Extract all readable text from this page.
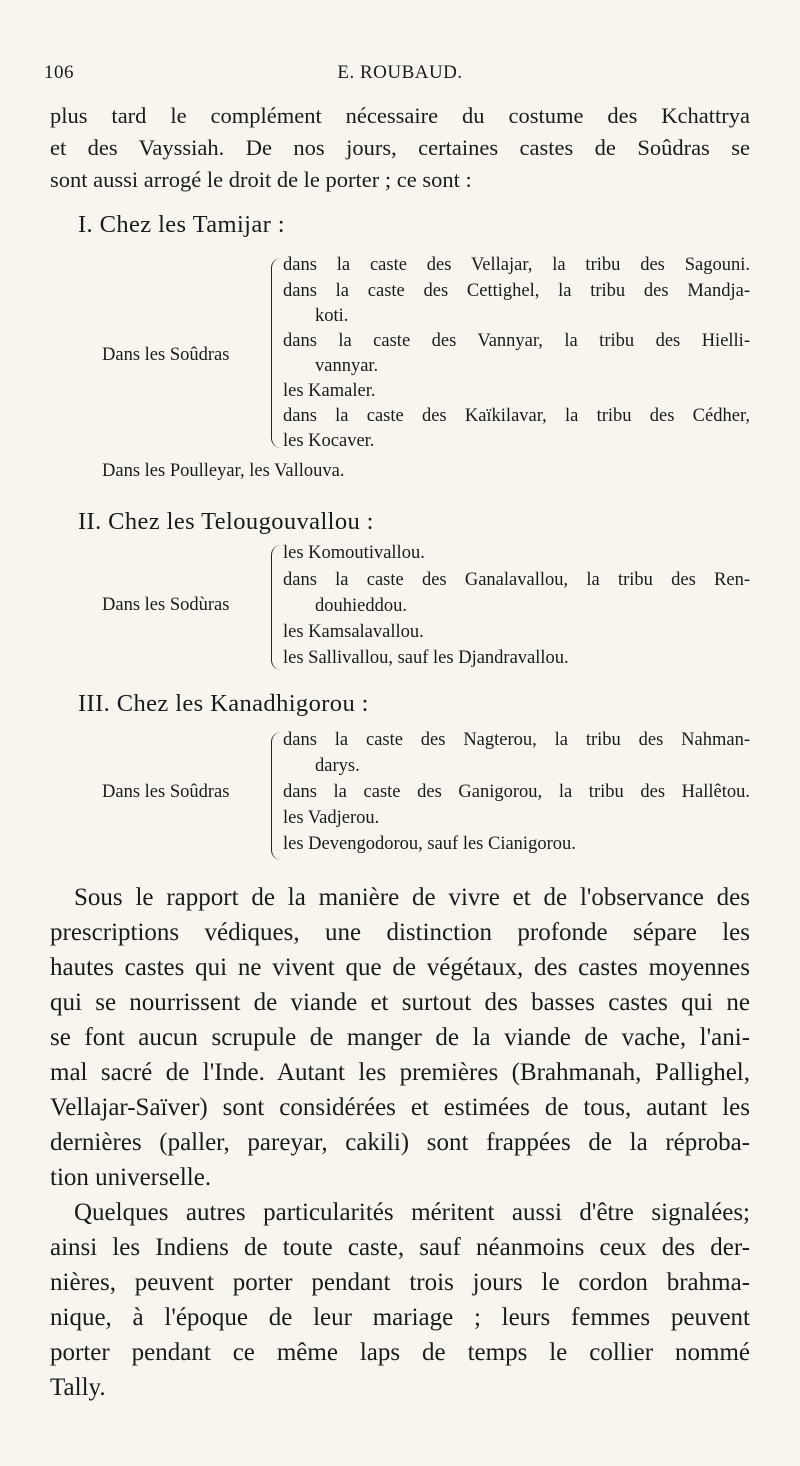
106	E. ROUBAUD.
plus tard le complément nécessaire du costume des Kchattrya
et des Vayssiah. De nos jours, certaines castes de Soûdras se
sont aussi arrogé le droit de le porter ; ce sont :
I. Chez les Tamijar :
Dans les Soûdras
dans la caste des Vellajar, la tribu des Sagouni.
dans la caste des Cettighel, la tribu des Mandja-
koti.
dans la caste des Vannyar, la tribu des Hielli-
vannyar.
les Kamaler.
dans la caste des Kaïkilavar, la tribu des Cédher,
les Kocaver.
Dans les Poulleyar, les Vallouva.
II. Chez les Telougouvallou :
Dans les Sodùras
les Komoutivallou.
dans la caste des Ganalavallou, la tribu des Ren-
douhieddou.
les Kamsalavallou.
les Sallivallou, sauf les Djandravallou.
III. Chez les Kanadhigorou :
Dans les Soûdras
dans la caste des Nagterou, la tribu des Nahman-
darys.
dans la caste des Ganigorou, la tribu des Hallêtou.
les Vadjerou.
les Devengodorou, sauf les Cianigorou.
Sous le rapport de la manière de vivre et de l'observance des
prescriptions védiques, une distinction profonde sépare les
hautes castes qui ne vivent que de végétaux, des castes moyennes
qui se nourrissent de viande et surtout des basses castes qui ne
se font aucun scrupule de manger de la viande de vache, l'ani-
mal sacré de l'Inde. Autant les premières (Brahmanah, Pallighel,
Vellajar-Saïver) sont considérées et estimées de tous, autant les
dernières (paller, pareyar, cakili) sont frappées de la réproba-
tion universelle.
Quelques autres particularités méritent aussi d'être signalées;
ainsi les Indiens de toute caste, sauf néanmoins ceux des der-
nières, peuvent porter pendant trois jours le cordon brahma-
nique, à l'époque de leur mariage ; leurs femmes peuvent
porter pendant ce même laps de temps le collier nommé
Tally.
